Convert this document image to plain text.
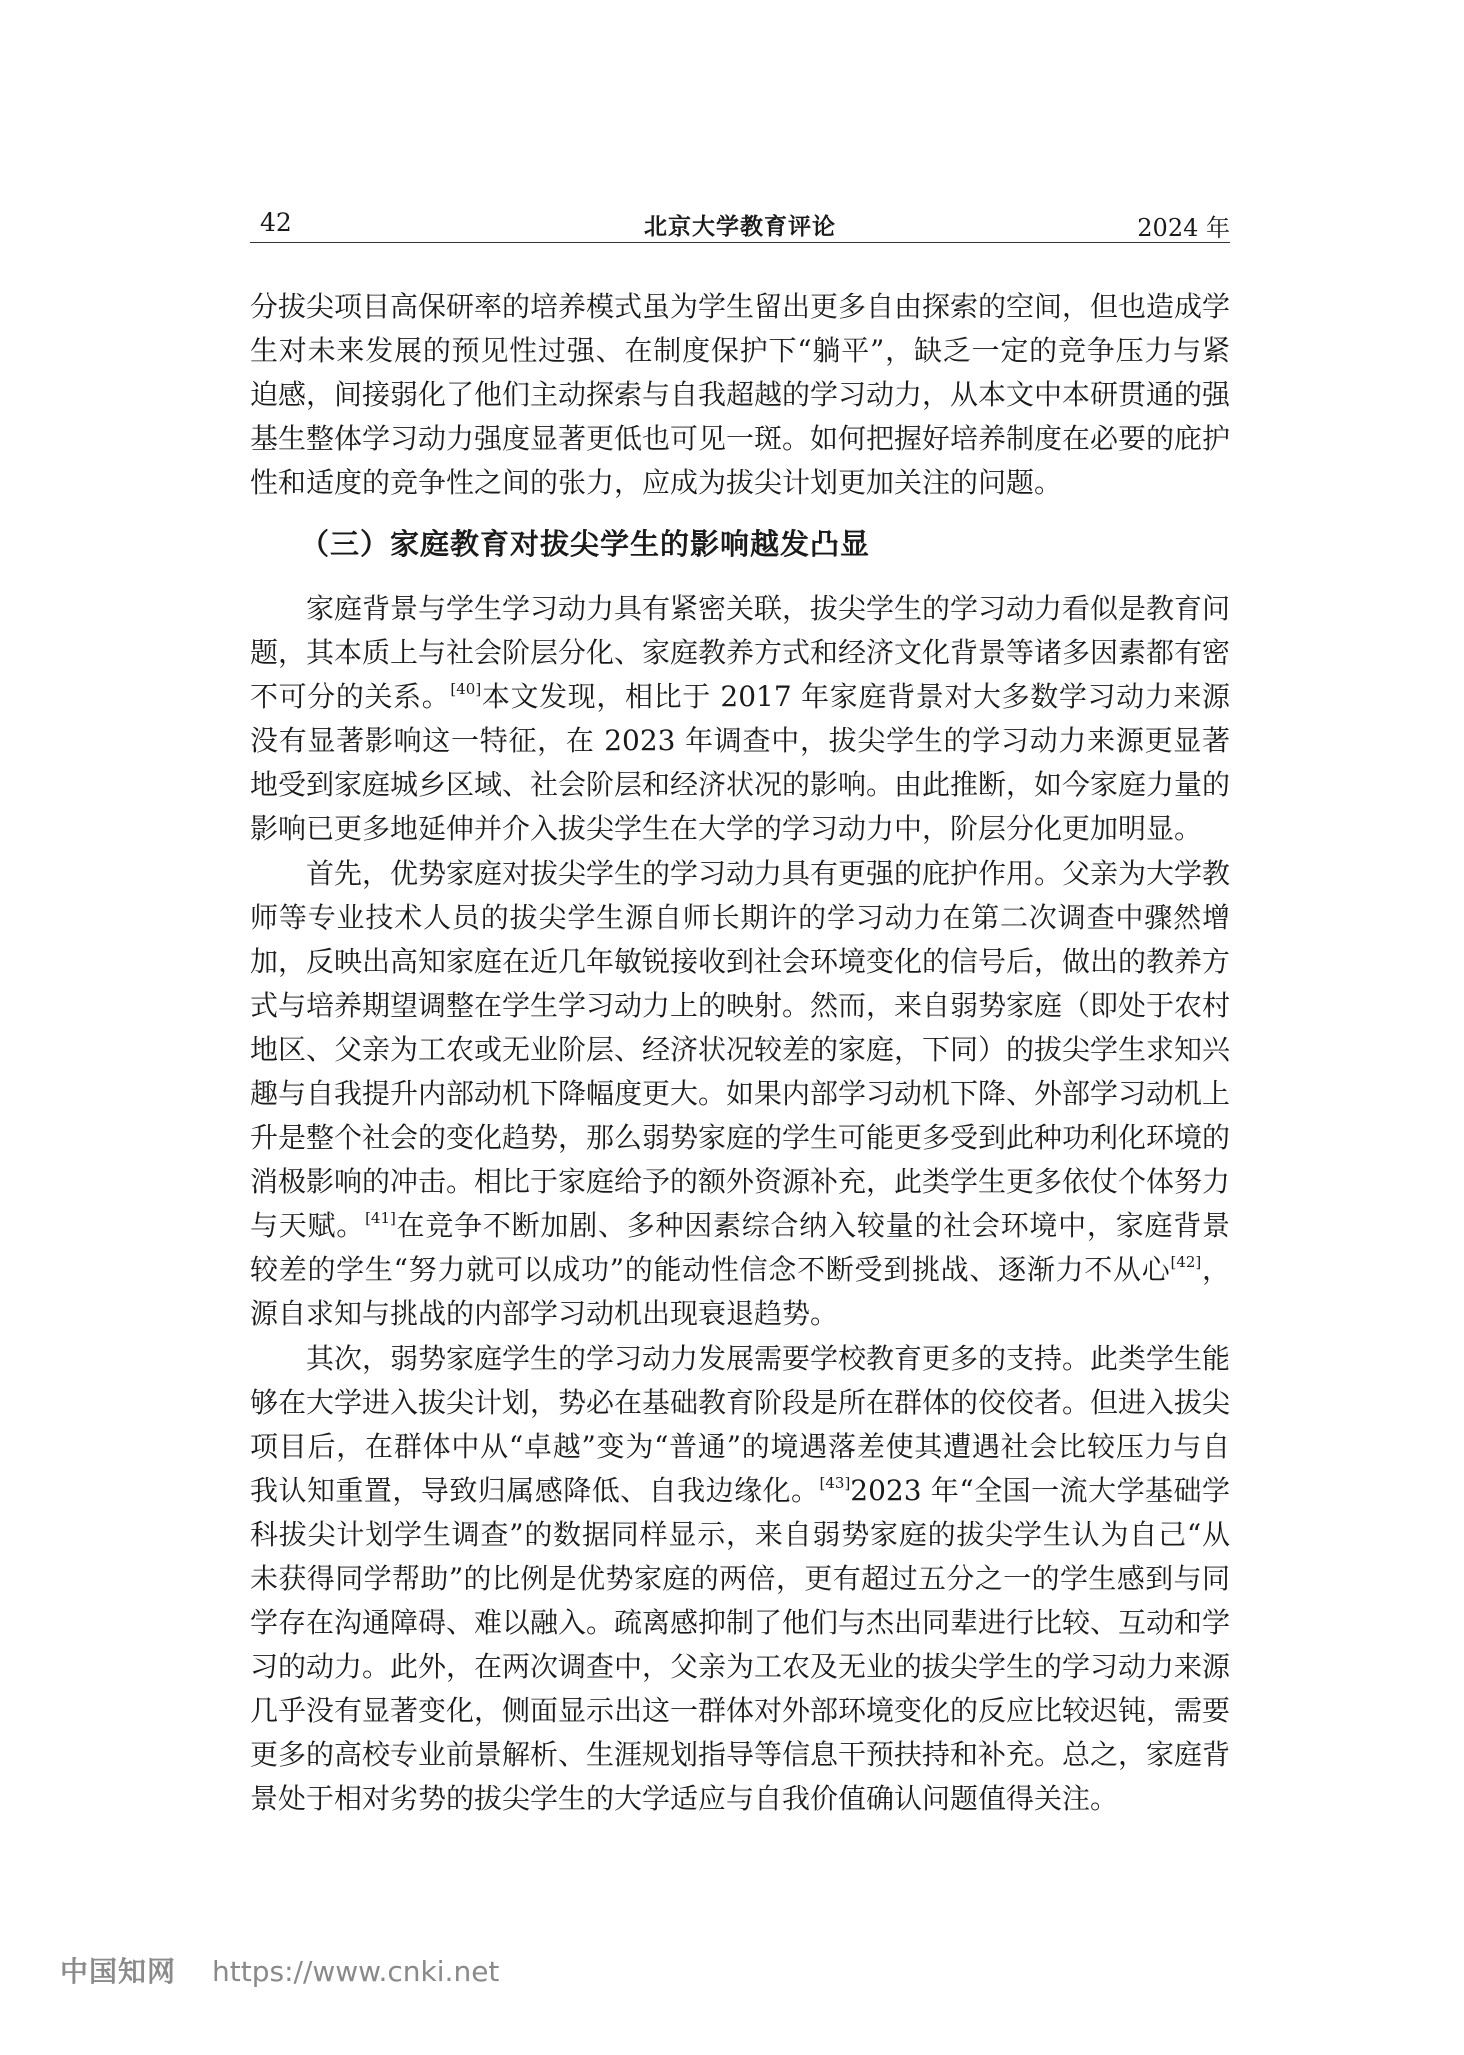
42	北京大学教育评论	2024 年

分拔尖项目高保研率的培养模式虽为学生留出更多自由探索的空间，但也造成学生对未来发展的预见性过强、在制度保护下“躺平”，缺乏一定的竞争压力与紧迫感，间接弱化了他们主动探索与自我超越的学习动力，从本文中本研贯通的强基生整体学习动力强度显著更低也可见一斑。如何把握好培养制度在必要的庇护性和适度的竞争性之间的张力，应成为拔尖计划更加关注的问题。

（三）家庭教育对拔尖学生的影响越发凸显

家庭背景与学生学习动力具有紧密关联，拔尖学生的学习动力看似是教育问题，其本质上与社会阶层分化、家庭教养方式和经济文化背景等诸多因素都有密不可分的关系。[40]本文发现，相比于 2017 年家庭背景对大多数学习动力来源没有显著影响这一特征，在 2023 年调查中，拔尖学生的学习动力来源更显著地受到家庭城乡区域、社会阶层和经济状况的影响。由此推断，如今家庭力量的影响已更多地延伸并介入拔尖学生在大学的学习动力中，阶层分化更加明显。

首先，优势家庭对拔尖学生的学习动力具有更强的庇护作用。父亲为大学教师等专业技术人员的拔尖学生源自师长期许的学习动力在第二次调查中骤然增加，反映出高知家庭在近几年敏锐接收到社会环境变化的信号后，做出的教养方式与培养期望调整在学生学习动力上的映射。然而，来自弱势家庭（即处于农村地区、父亲为工农或无业阶层、经济状况较差的家庭，下同）的拔尖学生求知兴趣与自我提升内部动机下降幅度更大。如果内部学习动机下降、外部学习动机上升是整个社会的变化趋势，那么弱势家庭的学生可能更多受到此种功利化环境的消极影响的冲击。相比于家庭给予的额外资源补充，此类学生更多依仗个体努力与天赋。[41]在竞争不断加剧、多种因素综合纳入较量的社会环境中，家庭背景较差的学生“努力就可以成功”的能动性信念不断受到挑战、逐渐力不从心[42]，源自求知与挑战的内部学习动机出现衰退趋势。

其次，弱势家庭学生的学习动力发展需要学校教育更多的支持。此类学生能够在大学进入拔尖计划，势必在基础教育阶段是所在群体的佼佼者。但进入拔尖项目后，在群体中从“卓越”变为“普通”的境遇落差使其遭遇社会比较压力与自我认知重置，导致归属感降低、自我边缘化。[43]2023 年“全国一流大学基础学科拔尖计划学生调查”的数据同样显示，来自弱势家庭的拔尖学生认为自己“从未获得同学帮助”的比例是优势家庭的两倍，更有超过五分之一的学生感到与同学存在沟通障碍、难以融入。疏离感抑制了他们与杰出同辈进行比较、互动和学习的动力。此外，在两次调查中，父亲为工农及无业的拔尖学生的学习动力来源几乎没有显著变化，侧面显示出这一群体对外部环境变化的反应比较迟钝，需要更多的高校专业前景解析、生涯规划指导等信息干预扶持和补充。总之，家庭背景处于相对劣势的拔尖学生的大学适应与自我价值确认问题值得关注。

中国知网 https://www.cnki.net
